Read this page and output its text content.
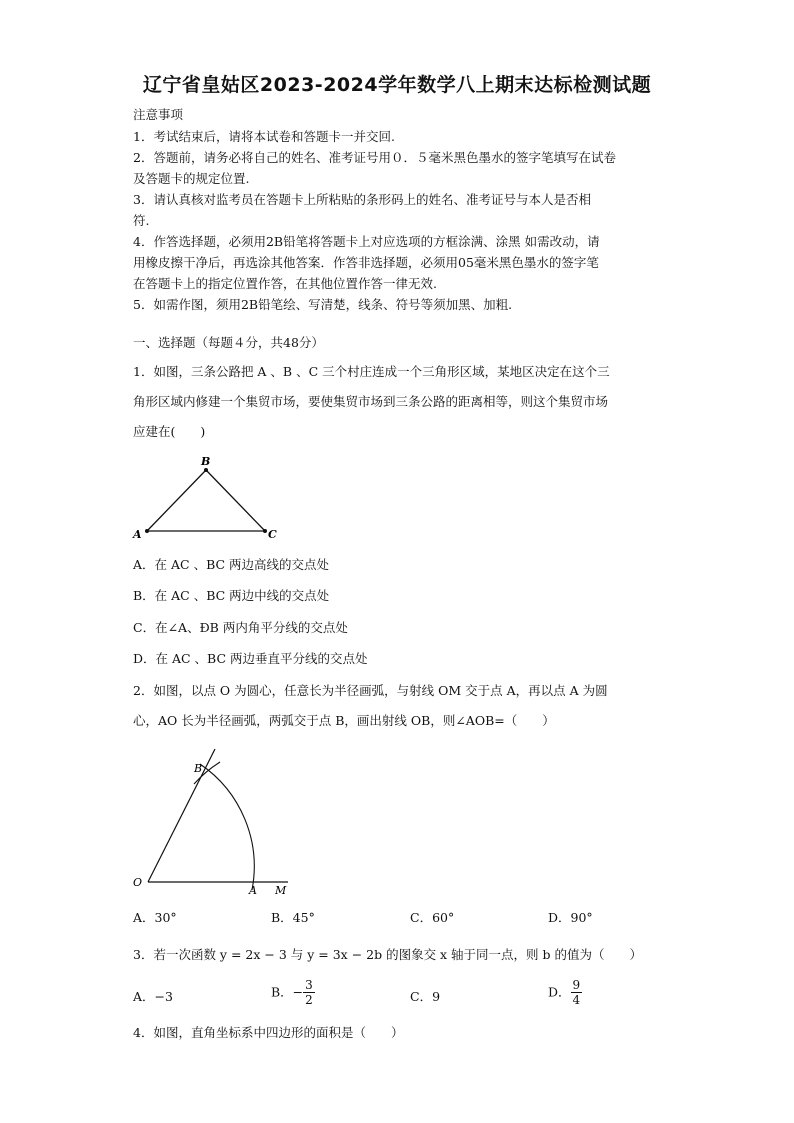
辽宁省皇姑区2023-2024学年数学八上期末达标检测试题
注意事项
1．考试结束后，请将本试卷和答题卡一并交回.
2．答题前，请务必将自己的姓名、准考证号用０．５毫米黑色墨水的签字笔填写在试卷
及答题卡的规定位置.
3．请认真核对监考员在答题卡上所粘贴的条形码上的姓名、准考证号与本人是否相
符.
4．作答选择题，必须用2B铅笔将答题卡上对应选项的方框涂满、涂黑 如需改动，请
用橡皮擦干净后，再选涂其他答案．作答非选择题，必须用05毫米黑色墨水的签字笔
在答题卡上的指定位置作答，在其他位置作答一律无效.
5．如需作图，须用2B铅笔绘、写清楚，线条、符号等须加黑、加粗.
一、选择题（每题４分，共48分）
1．如图，三条公路把 A 、B 、C 三个村庄连成一个三角形区域，某地区决定在这个三
角形区域内修建一个集贸市场，要使集贸市场到三条公路的距离相等，则这个集贸市场
应建在(　　)
B
A	C
A．在 AC 、BC 两边高线的交点处
B．在 AC 、BC 两边中线的交点处
C．在∠A、ÐB 两内角平分线的交点处
D．在 AC 、BC 两边垂直平分线的交点处
2．如图，以点 O 为圆心，任意长为半径画弧，与射线 OM 交于点 A，再以点 A 为圆
心，AO 长为半径画弧，两弧交于点 B，画出射线 OB，则∠AOB=（　　）
B
O
A M
A．30°	B．45°	C．60°	D．90°
3．若一次函数 y = 2x − 3 与 y = 3x − 2b 的图象交 x 轴于同一点，则 b 的值为（　　）
A．−3	B．− $\frac{3}{2}$	C．9	D． $\frac{9}{4}$
4．如图，直角坐标系中四边形的面积是（　　）
